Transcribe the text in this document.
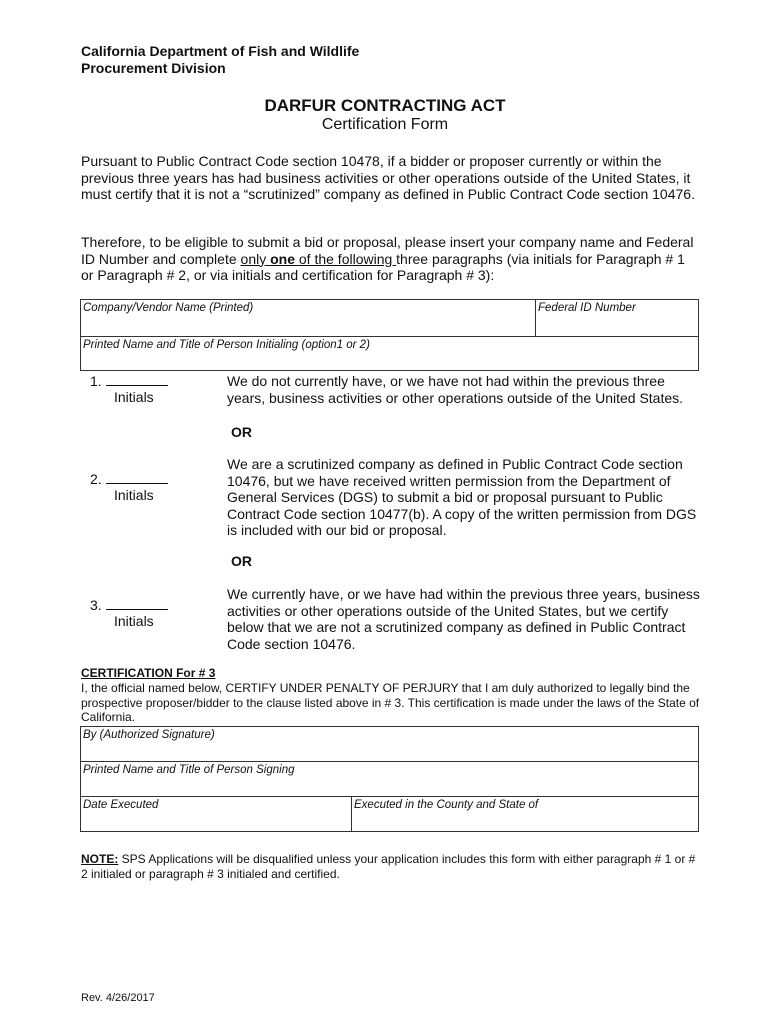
California Department of Fish and Wildlife
Procurement Division
DARFUR CONTRACTING ACT
Certification Form
Pursuant to Public Contract Code section 10478, if a bidder or proposer currently or within the previous three years has had business activities or other operations outside of the United States, it must certify that it is not a “scrutinized” company as defined in Public Contract Code section 10476.
Therefore, to be eligible to submit a bid or proposal, please insert your company name and Federal ID Number and complete only one of the following three paragraphs (via initials for Paragraph # 1 or Paragraph # 2, or via initials and certification for Paragraph # 3):
Company/Vendor Name (Printed)	Federal ID Number
Printed Name and Title of Person Initialing (option1 or 2)
1.
Initials
We do not currently have, or we have not had within the previous three years, business activities or other operations outside of the United States.
OR
2.
Initials
We are a scrutinized company as defined in Public Contract Code section 10476, but we have received written permission from the Department of General Services (DGS) to submit a bid or proposal pursuant to Public Contract Code section 10477(b). A copy of the written permission from DGS is included with our bid or proposal.
OR
3.
Initials
We currently have, or we have had within the previous three years, business activities or other operations outside of the United States, but we certify below that we are not a scrutinized company as defined in Public Contract Code section 10476.
CERTIFICATION For # 3
I, the official named below, CERTIFY UNDER PENALTY OF PERJURY that I am duly authorized to legally bind the prospective proposer/bidder to the clause listed above in # 3. This certification is made under the laws of the State of California.
By (Authorized Signature)
Printed Name and Title of Person Signing
Date Executed	Executed in the County and State of
NOTE: SPS Applications will be disqualified unless your application includes this form with either paragraph # 1 or # 2 initialed or paragraph # 3 initialed and certified.
Rev. 4/26/2017
